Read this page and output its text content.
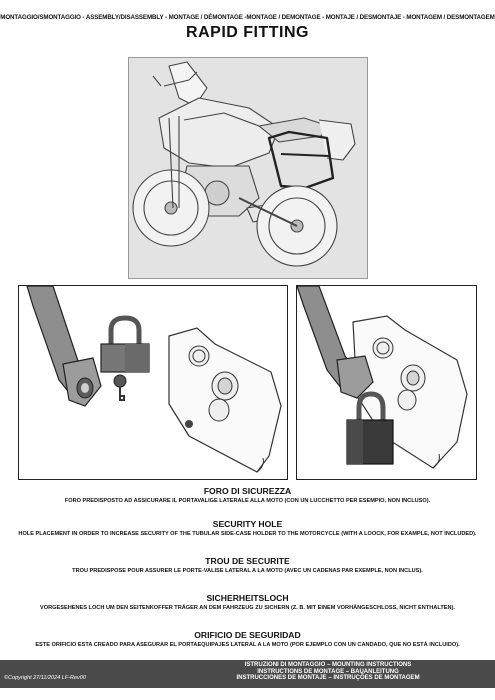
MONTAGGIO/SMONTAGGIO - ASSEMBLY/DISASSEMBLY - MONTAGE / DÉMONTAGE -MONTAGE / DEMONTAGE - MONTAJE / DESMONTAJE - MONTAGEM / DESMONTAGEM
RAPID FITTING
FORO DI SICUREZZA

FORO PREDISPOSTO AD ASSICURARE IL PORTAVALIGE LATERALE ALLA MOTO (CON UN LUCCHETTO PER ESEMPIO, NON INCLUSO).

SECURITY HOLE

HOLE PLACEMENT IN ORDER TO INCREASE SECURITY OF THE TUBULAR SIDE-CASE HOLDER TO THE MOTORCYCLE (WITH A LOOCK, FOR EXAMPLE, NOT INCLUDED).

TROU DE SECURITE

TROU PREDISPOSE POUR ASSURER LE PORTE-VALISE LATERAL A LA MOTO (AVEC UN CADENAS PAR EXEMPLE, NON INCLUS).

SICHERHEITSLOCH

VORGESEHENES LOCH UM DEN SEITENKOFFER TRÄGER AN DEM FAHRZEUG ZU SICHERN (Z. B. MIT EINEM VORHÄNGESCHLOSS, NICHT ENTHALTEN).

ORIFICIO DE SEGURIDAD

ESTE ORIFICIO ESTA CREADO PARA ASEGURAR EL PORTAEQUIPAJES LATERAL A LA MOTO (POR EJEMPLO CON UN CANDADO, QUE NO ESTÁ INCLUIDO).

ISTRUZIONI DI MONTAGGIO – MOUNTING INSTRUCTIONS
INSTRUCTIONS DE MONTAGE – BAUANLEITUNG
INSTRUCCIONES DE MONTAJE – INSTRUÇÕES DE MONTAGEM
©Copyright 27/11/2024 LF-Rev00
